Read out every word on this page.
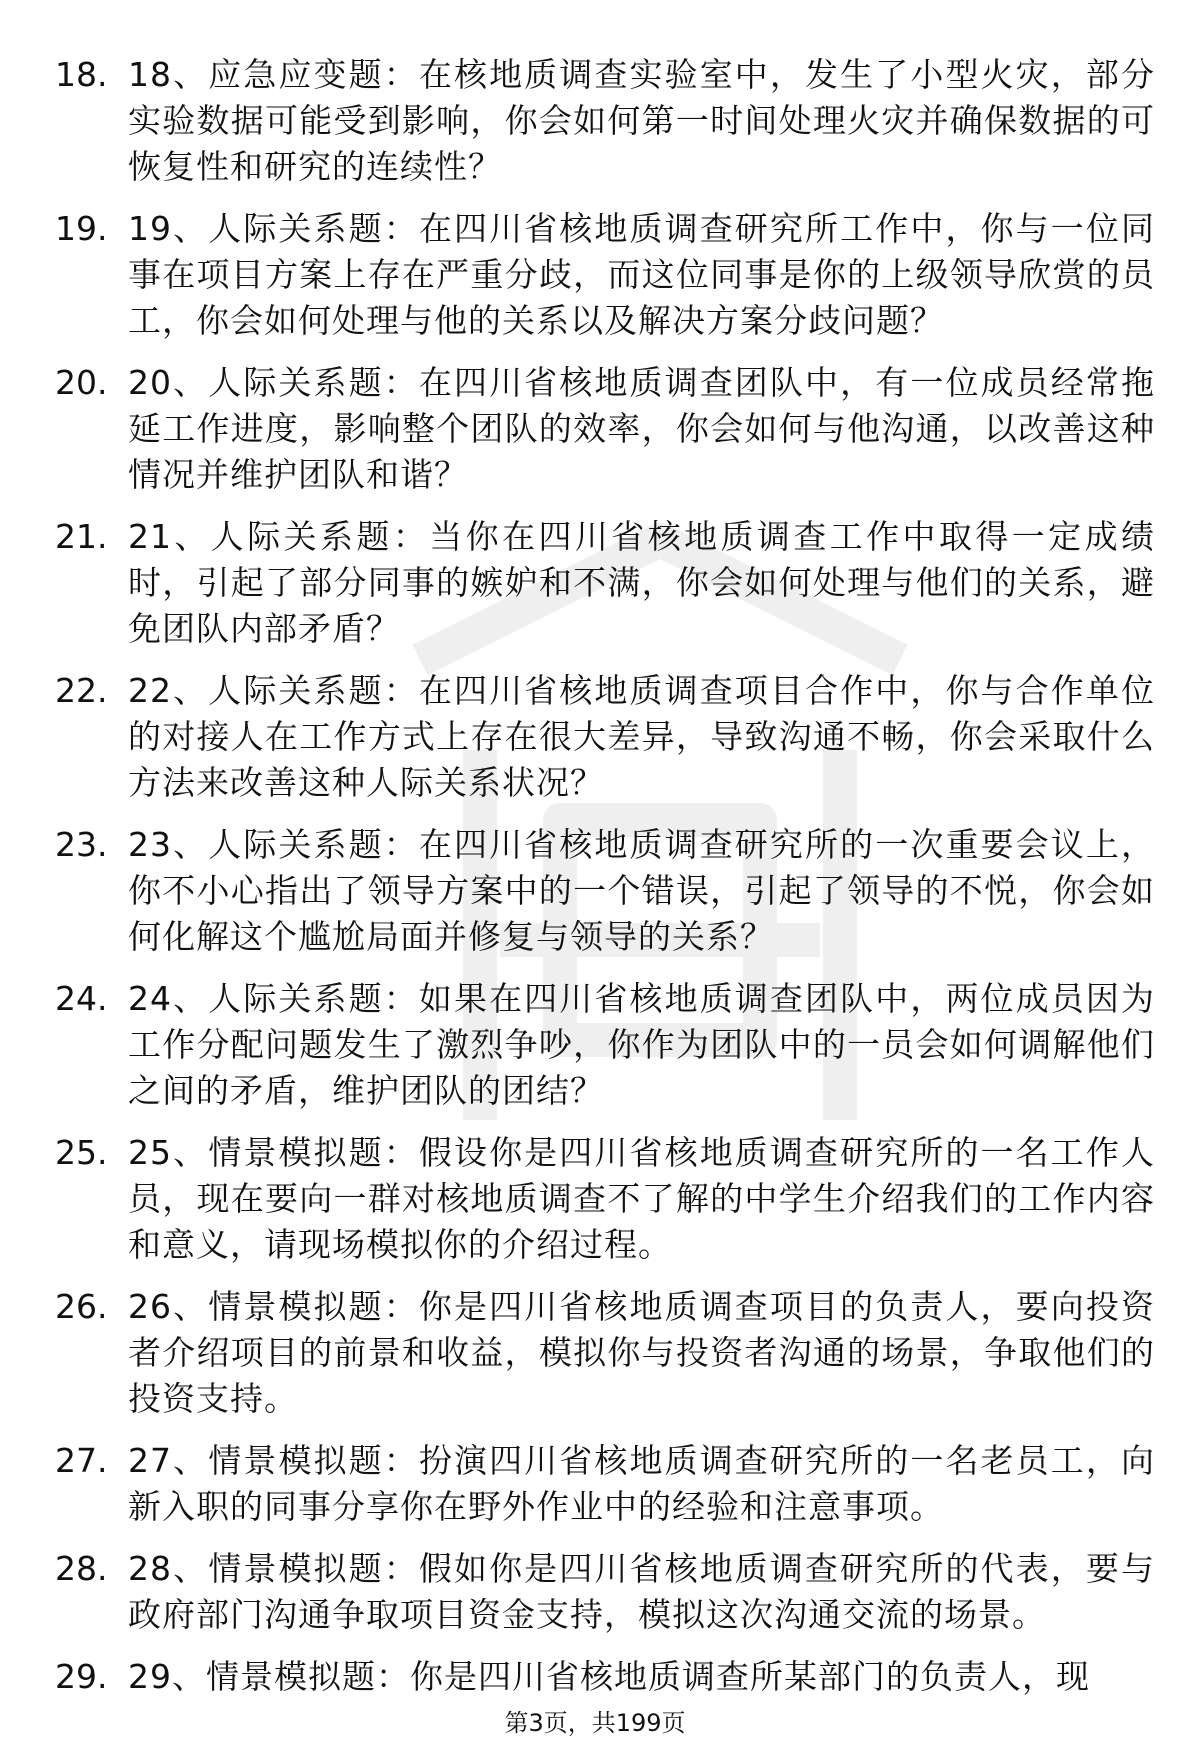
18. 18、应急应变题：在核地质调查实验室中，发生了小型火灾，部分实验数据可能受到影响，你会如何第一时间处理火灾并确保数据的可恢复性和研究的连续性？
19. 19、人际关系题：在四川省核地质调查研究所工作中，你与一位同事在项目方案上存在严重分歧，而这位同事是你的上级领导欣赏的员工，你会如何处理与他的关系以及解决方案分歧问题？
20. 20、人际关系题：在四川省核地质调查团队中，有一位成员经常拖延工作进度，影响整个团队的效率，你会如何与他沟通，以改善这种情况并维护团队和谐？
21. 21、人际关系题：当你在四川省核地质调查工作中取得一定成绩时，引起了部分同事的嫉妒和不满，你会如何处理与他们的关系，避免团队内部矛盾？
22. 22、人际关系题：在四川省核地质调查项目合作中，你与合作单位的对接人在工作方式上存在很大差异，导致沟通不畅，你会采取什么方法来改善这种人际关系状况？
23. 23、人际关系题：在四川省核地质调查研究所的一次重要会议上，你不小心指出了领导方案中的一个错误，引起了领导的不悦，你会如何化解这个尴尬局面并修复与领导的关系？
24. 24、人际关系题：如果在四川省核地质调查团队中，两位成员因为工作分配问题发生了激烈争吵，你作为团队中的一员会如何调解他们之间的矛盾，维护团队的团结？
25. 25、情景模拟题：假设你是四川省核地质调查研究所的一名工作人员，现在要向一群对核地质调查不了解的中学生介绍我们的工作内容和意义，请现场模拟你的介绍过程。
26. 26、情景模拟题：你是四川省核地质调查项目的负责人，要向投资者介绍项目的前景和收益，模拟你与投资者沟通的场景，争取他们的投资支持。
27. 27、情景模拟题：扮演四川省核地质调查研究所的一名老员工，向新入职的同事分享你在野外作业中的经验和注意事项。
28. 28、情景模拟题：假如你是四川省核地质调查研究所的代表，要与政府部门沟通争取项目资金支持，模拟这次沟通交流的场景。
29. 29、情景模拟题：你是四川省核地质调查所某部门的负责人，现
第3页，共199页
